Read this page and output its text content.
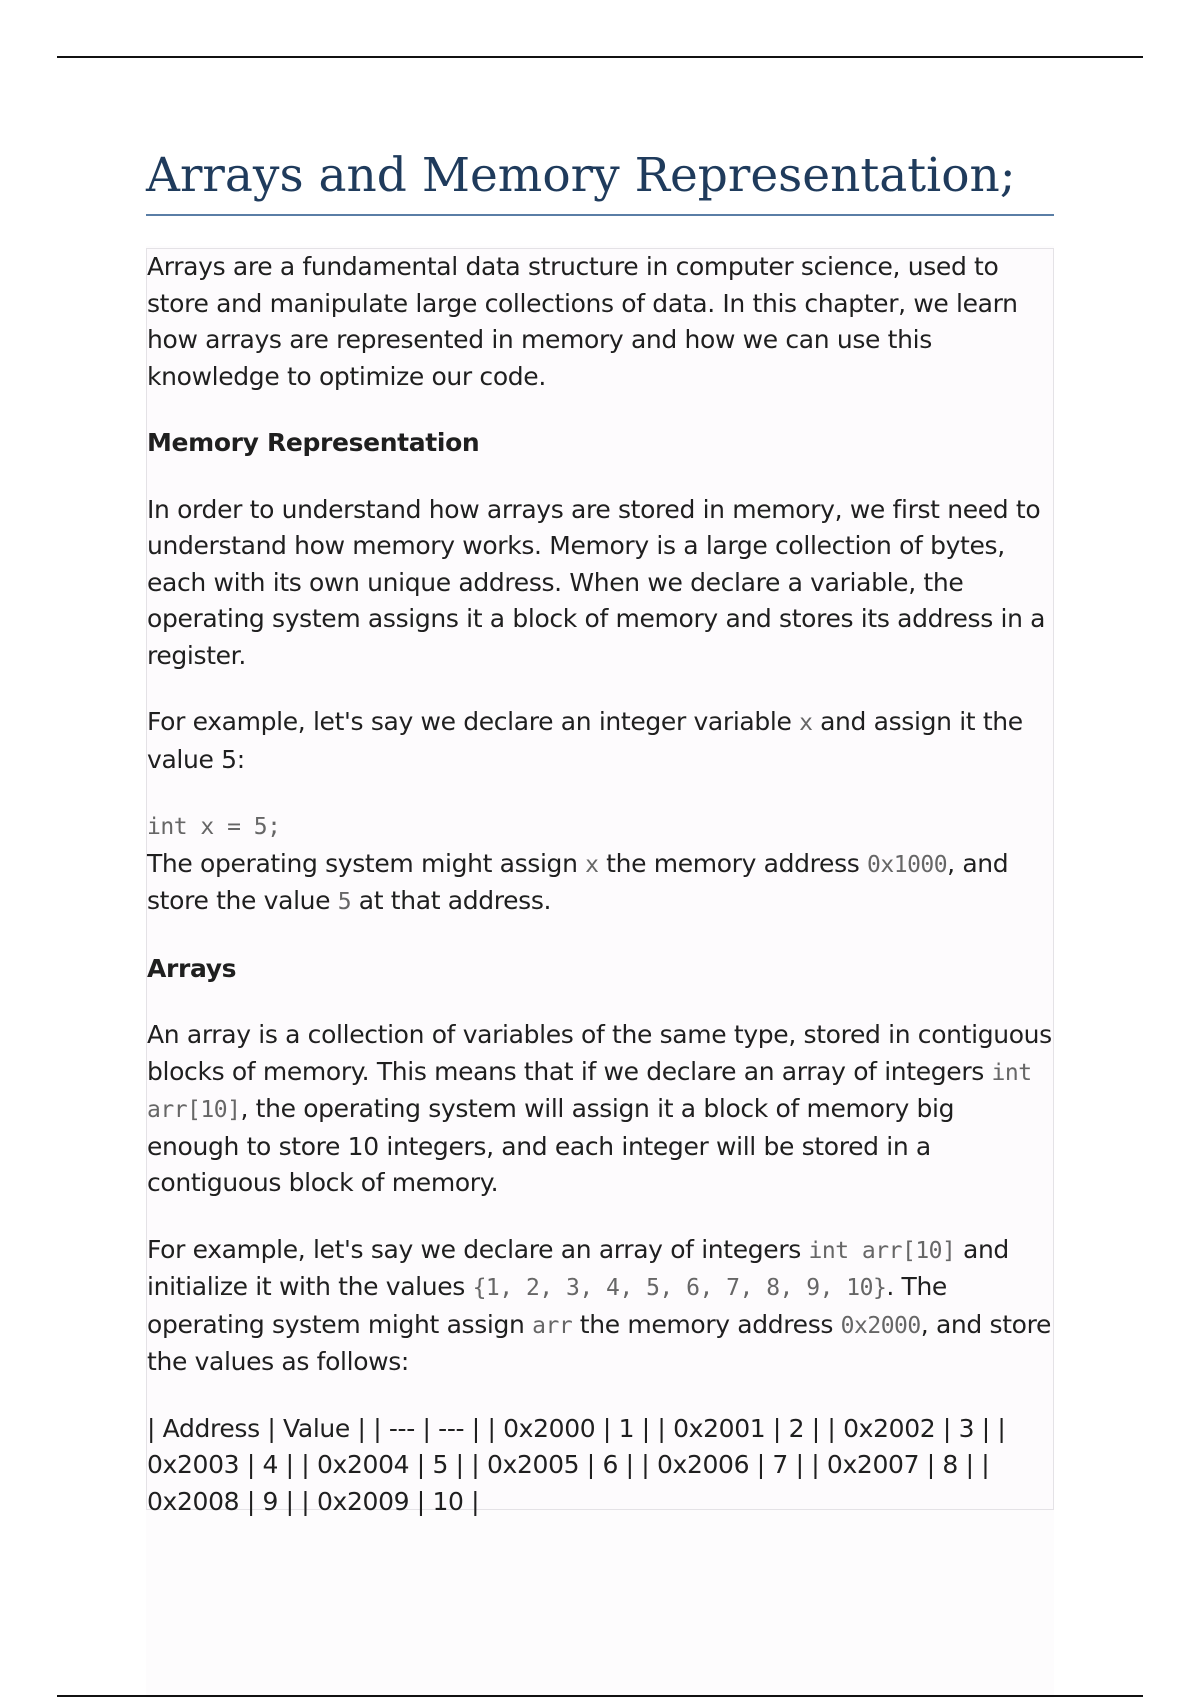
Arrays and Memory Representation;

Arrays are a fundamental data structure in computer science, used to store and manipulate large collections of data. In this chapter, we learn how arrays are represented in memory and how we can use this knowledge to optimize our code.

Memory Representation

In order to understand how arrays are stored in memory, we first need to understand how memory works. Memory is a large collection of bytes, each with its own unique address. When we declare a variable, the operating system assigns it a block of memory and stores its address in a register.

For example, let's say we declare an integer variable x and assign it the value 5:

int x = 5;

The operating system might assign x the memory address 0x1000, and store the value 5 at that address.

Arrays

An array is a collection of variables of the same type, stored in contiguous blocks of memory. This means that if we declare an array of integers int arr[10], the operating system will assign it a block of memory big enough to store 10 integers, and each integer will be stored in a contiguous block of memory.

For example, let's say we declare an array of integers int arr[10] and initialize it with the values {1, 2, 3, 4, 5, 6, 7, 8, 9, 10}. The operating system might assign arr the memory address 0x2000, and store the values as follows:

| Address | Value | | --- | --- | | 0x2000 | 1 | | 0x2001 | 2 | | 0x2002 | 3 | | 0x2003 | 4 | | 0x2004 | 5 | | 0x2005 | 6 | | 0x2006 | 7 | | 0x2007 | 8 | | 0x2008 | 9 | | 0x2009 | 10 |
